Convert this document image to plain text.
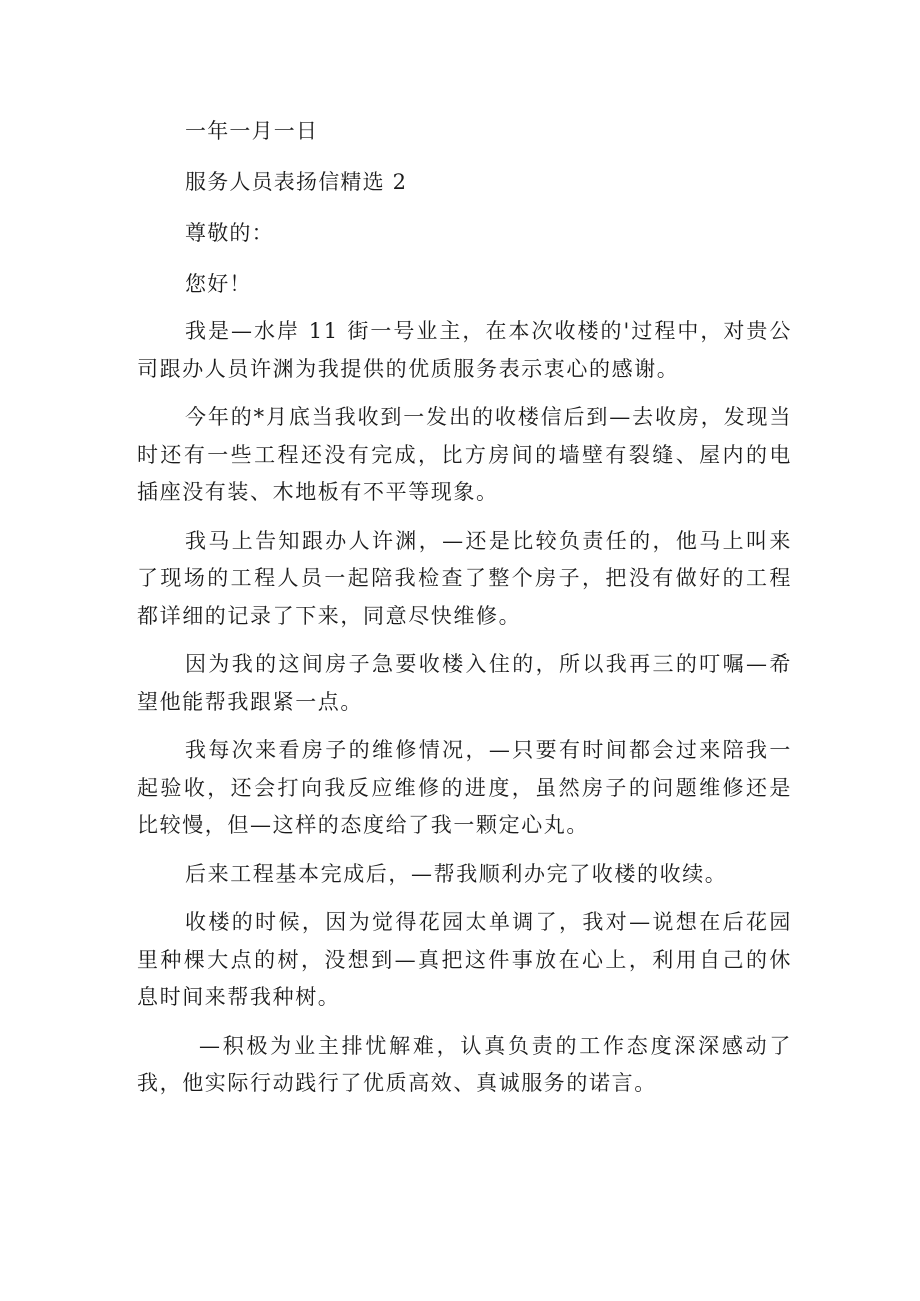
一年一月一日
服务人员表扬信精选 2
尊敬的：
您好！

我是—水岸 11 街一号业主，在本次收楼的'过程中，对贵公司跟办人员许渊为我提供的优质服务表示衷心的感谢。

今年的*月底当我收到一发出的收楼信后到—去收房，发现当时还有一些工程还没有完成，比方房间的墙壁有裂缝、屋内的电插座没有装、木地板有不平等现象。

我马上告知跟办人许渊，—还是比较负责任的，他马上叫来了现场的工程人员一起陪我检查了整个房子，把没有做好的工程都详细的记录了下来，同意尽快维修。

因为我的这间房子急要收楼入住的，所以我再三的叮嘱—希望他能帮我跟紧一点。

我每次来看房子的维修情况，—只要有时间都会过来陪我一起验收，还会打向我反应维修的进度，虽然房子的问题维修还是比较慢，但—这样的态度给了我一颗定心丸。

后来工程基本完成后，—帮我顺利办完了收楼的收续。

收楼的时候，因为觉得花园太单调了，我对—说想在后花园里种棵大点的树，没想到—真把这件事放在心上，利用自己的休息时间来帮我种树。

—积极为业主排忧解难，认真负责的工作态度深深感动了我，他实际行动践行了优质高效、真诚服务的诺言。
